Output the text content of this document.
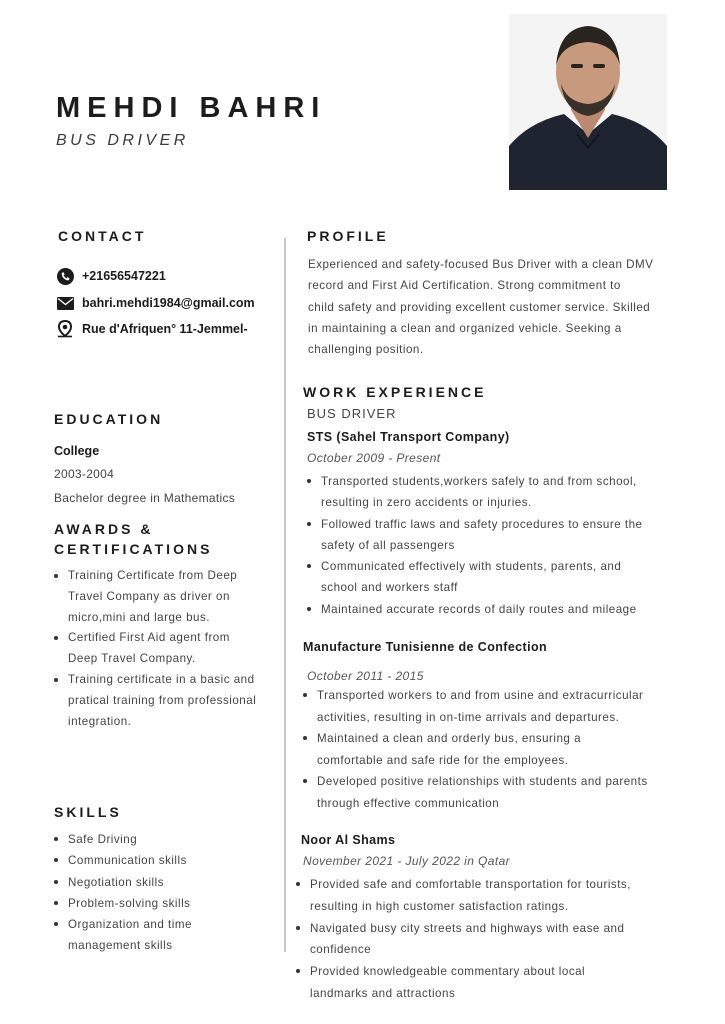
MEHDI BAHRI
BUS DRIVER
CONTACT
+21656547221
bahri.mehdi1984@gmail.com
Rue d'Afriquen° 11-Jemmel-
EDUCATION
College
2003-2004
Bachelor degree in Mathematics
AWARDS &
CERTIFICATIONS
Training Certificate from Deep
Travel Company as driver on
micro,mini and large bus.
Certified First Aid agent from
Deep Travel Company.
Training certificate in a basic and
pratical training from professional
integration.
SKILLS
Safe Driving
Communication skills
Negotiation skills
Problem-solving skills
Organization and time
management skills
PROFILE
Experienced and safety-focused Bus Driver with a clean DMV
record and First Aid Certification. Strong commitment to
child safety and providing excellent customer service. Skilled
in maintaining a clean and organized vehicle. Seeking a
challenging position.
WORK EXPERIENCE
BUS DRIVER
STS (Sahel Transport Company)
October 2009 - Present
Transported students,workers safely to and from school,
resulting in zero accidents or injuries.
Followed traffic laws and safety procedures to ensure the
safety of all passengers
Communicated effectively with students, parents, and
school and workers staff
Maintained accurate records of daily routes and mileage
Manufacture Tunisienne de Confection
October 2011 - 2015
Transported workers to and from usine and extracurricular
activities, resulting in on-time arrivals and departures.
Maintained a clean and orderly bus, ensuring a
comfortable and safe ride for the employees.
Developed positive relationships with students and parents
through effective communication
Noor Al Shams
November 2021 - July 2022 in Qatar
Provided safe and comfortable transportation for tourists,
resulting in high customer satisfaction ratings.
Navigated busy city streets and highways with ease and
confidence
Provided knowledgeable commentary about local
landmarks and attractions
